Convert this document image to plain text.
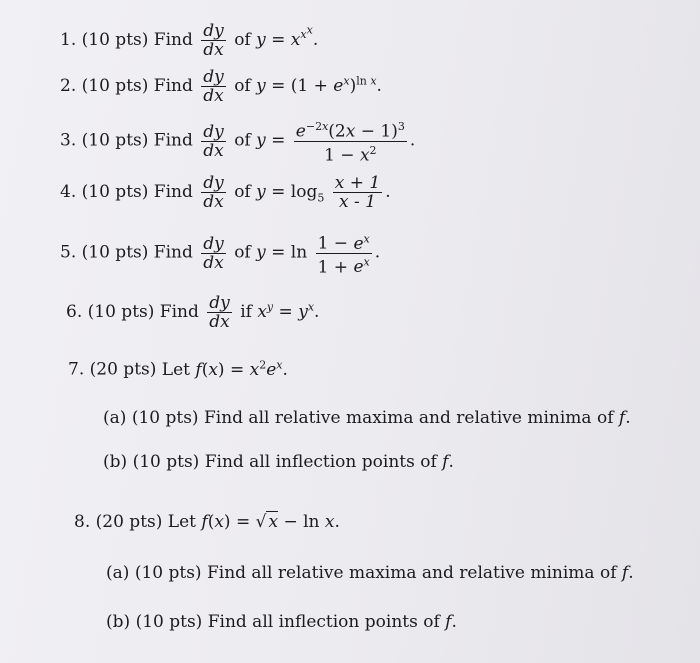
1. (10 pts) Find $\frac{dy}{dx}$ of $y = x^{x^x}$.
2. (10 pts) Find $\frac{dy}{dx}$ of $y = (1 + e^x)^{ln x}$.
3. (10 pts) Find $\frac{dy}{dx}$ of $y = \frac{e^{-2x}(2x - 1)^3}{1 - x^2}$ .
4. (10 pts) Find $\frac{dy}{dx}$ of $y = \log_5 \frac{x + 1}{x - 1}$ .
5. (10 pts) Find $\frac{dy}{dx}$ of $y = \ln \frac{1 - e^x}{1 + e^x}$ .
6. (10 pts) Find $\frac{dy}{dx}$ if $x^y = y^x$.
7. (20 pts) Let $f(x) = x^2e^x$.
(a) (10 pts) Find all relative maxima and relative minima of f.
(b) (10 pts) Find all inflection points of f.
8. (20 pts) Let f(x) = √ x − ln x.
(a) (10 pts) Find all relative maxima and relative minima of f.
(b) (10 pts) Find all inflection points of f.
